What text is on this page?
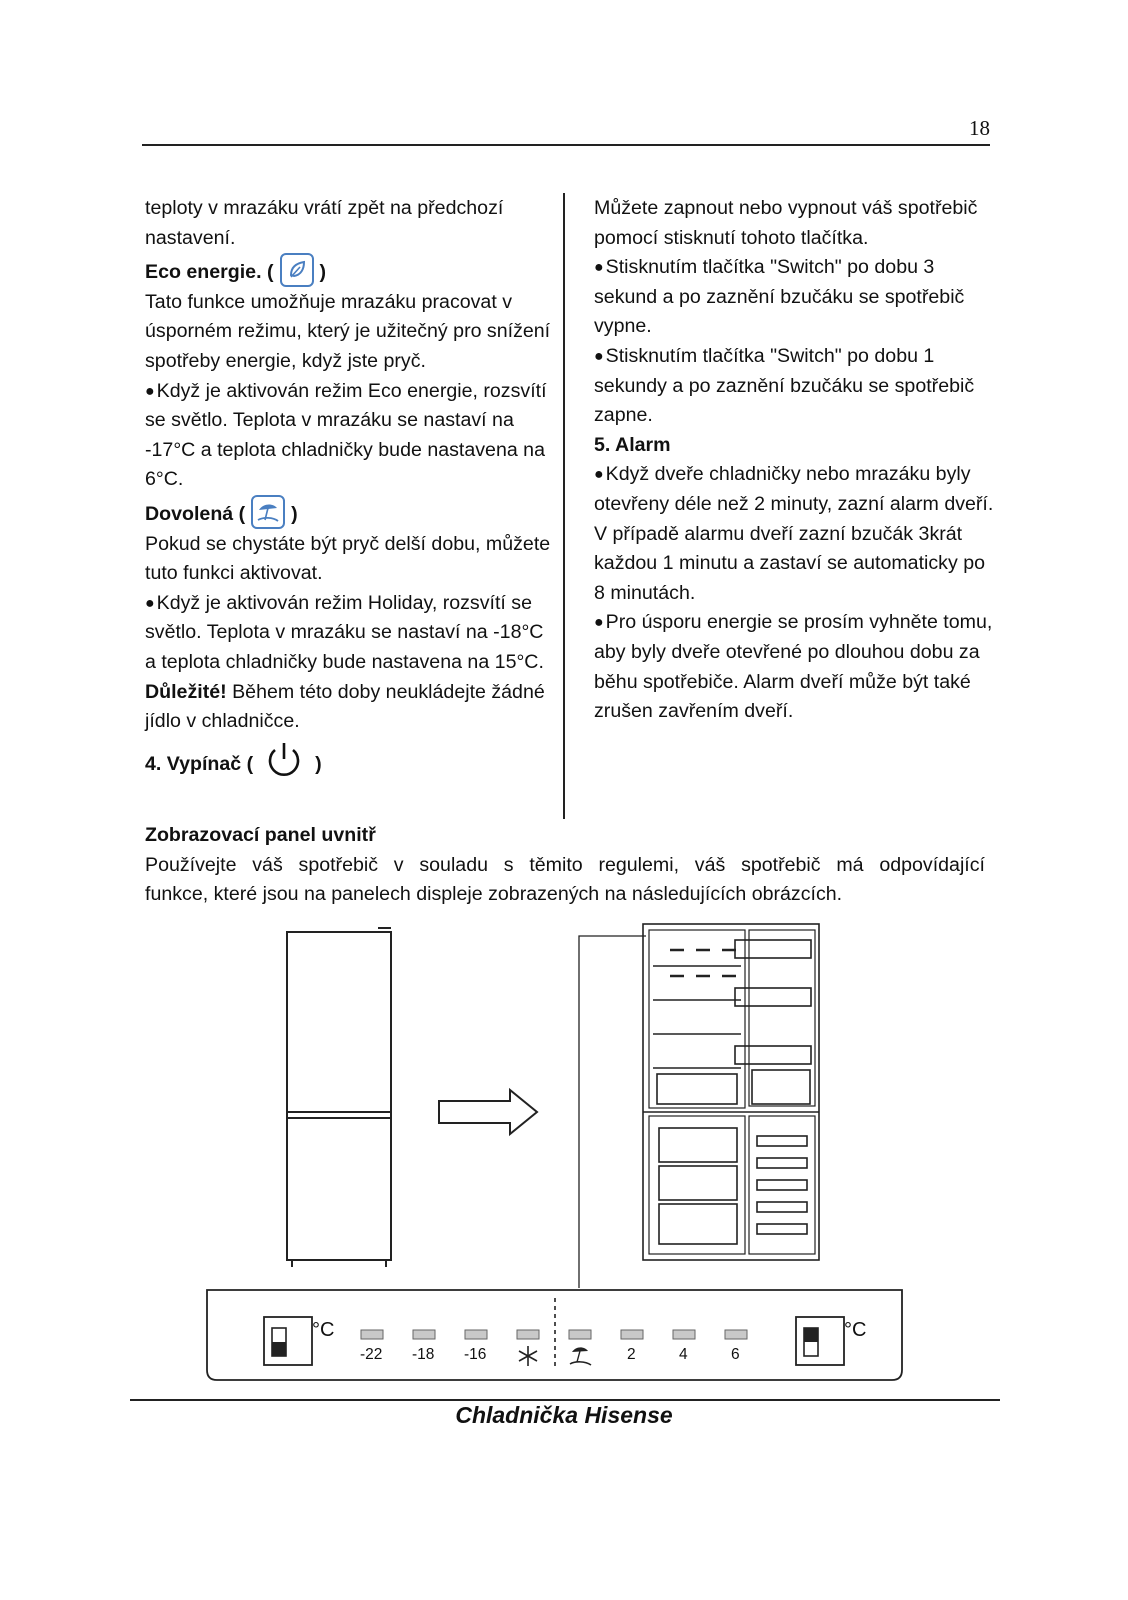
18

teploty v mrazáku vrátí zpět na předchozí nastavení.

Eco energie. ( )

Tato funkce umožňuje mrazáku pracovat v úsporném režimu, který je užitečný pro snížení spotřeby energie, když jste pryč.

● Když je aktivován režim Eco energie, rozsvítí se světlo. Teplota v mrazáku se nastaví na -17°C a teplota chladničky bude nastavena na 6°C.

Dovolená ( )

Pokud se chystáte být pryč delší dobu, můžete tuto funkci aktivovat.

● Když je aktivován režim Holiday, rozsvítí se světlo. Teplota v mrazáku se nastaví na -18°C a teplota chladničky bude nastavena na 15°C.

Důležité! Během této doby neukládejte žádné jídlo v chladničce.

4. Vypínač (	)

Můžete zapnout nebo vypnout váš spotřebič pomocí stisknutí tohoto tlačítka.

● Stisknutím tlačítka "Switch" po dobu 3 sekund a po zaznění bzučáku se spotřebič vypne.

● Stisknutím tlačítka "Switch" po dobu 1 sekundy a po zaznění bzučáku se spotřebič zapne.

5. Alarm

● Když dveře chladničky nebo mrazáku byly otevřeny déle než 2 minuty, zazní alarm dveří. V případě alarmu dveří zazní bzučák 3krát každou 1 minutu a zastaví se automaticky po 8 minutách.

● Pro úsporu energie se prosím vyhněte tomu, aby byly dveře otevřené po dlouhou dobu za běhu spotřebiče. Alarm dveří může být také zrušen zavřením dveří.

Zobrazovací panel uvnitř

Používejte váš spotřebič v souladu s těmito regulemi, váš spotřebič má odpovídající

funkce, které jsou na panelech displeje zobrazených na následujících obrázcích.

°C	°C
-22 -18 -16	2	4	6
Chladnička Hisense
